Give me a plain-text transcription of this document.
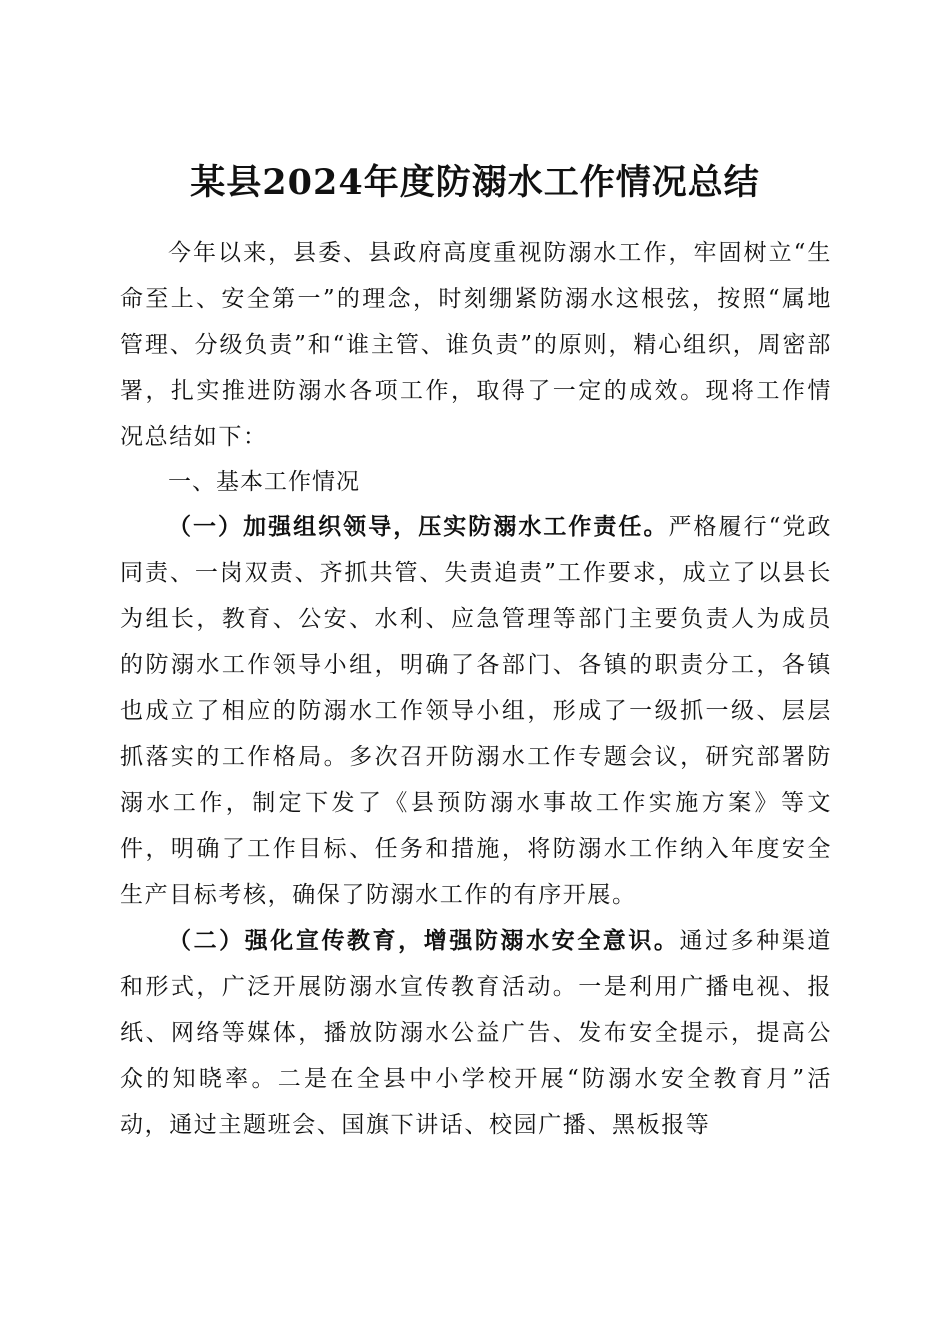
某县2024年度防溺水工作情况总结

今年以来，县委、县政府高度重视防溺水工作，牢固树立“生命至上、安全第一”的理念，时刻绷紧防溺水这根弦，按照“属地管理、分级负责”和“谁主管、谁负责”的原则，精心组织，周密部署，扎实推进防溺水各项工作，取得了一定的成效。现将工作情况总结如下：

一、基本工作情况

（一）加强组织领导，压实防溺水工作责任。严格履行“党政同责、一岗双责、齐抓共管、失责追责”工作要求，成立了以县长为组长，教育、公安、水利、应急管理等部门主要负责人为成员的防溺水工作领导小组，明确了各部门、各镇的职责分工，各镇也成立了相应的防溺水工作领导小组，形成了一级抓一级、层层抓落实的工作格局。多次召开防溺水工作专题会议，研究部署防溺水工作，制定下发了《县预防溺水事故工作实施方案》等文件，明确了工作目标、任务和措施，将防溺水工作纳入年度安全生产目标考核，确保了防溺水工作的有序开展。

（二）强化宣传教育，增强防溺水安全意识。通过多种渠道和形式，广泛开展防溺水宣传教育活动。一是利用广播电视、报纸、网络等媒体，播放防溺水公益广告、发布安全提示，提高公众的知晓率。二是在全县中小学校开展“防溺水安全教育月”活动，通过主题班会、国旗下讲话、校园广播、黑板报等
